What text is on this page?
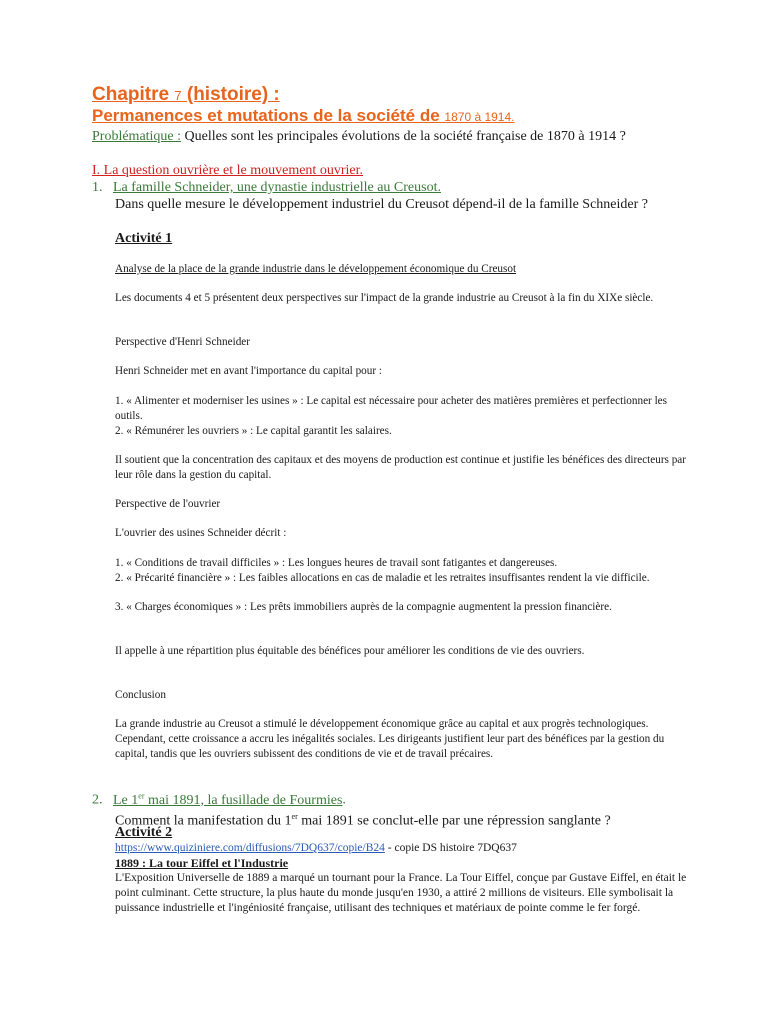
Chapitre 7 (histoire) :
Permanences et mutations de la société de 1870 à 1914.
Problématique : Quelles sont les principales évolutions de la société française de 1870 à 1914 ?
I. La question ouvrière et le mouvement ouvrier.
1. La famille Schneider, une dynastie industrielle au Creusot.
Dans quelle mesure le développement industriel du Creusot dépend-il de la famille Schneider ?
Activité 1
Analyse de la place de la grande industrie dans le développement économique du Creusot
Les documents 4 et 5 présentent deux perspectives sur l'impact de la grande industrie au Creusot à la fin du XIXe siècle.
Perspective d'Henri Schneider
Henri Schneider met en avant l'importance du capital pour :
1. « Alimenter et moderniser les usines » : Le capital est nécessaire pour acheter des matières premières et perfectionner les outils.
2. « Rémunérer les ouvriers » : Le capital garantit les salaires.
Il soutient que la concentration des capitaux et des moyens de production est continue et justifie les bénéfices des directeurs par leur rôle dans la gestion du capital.
Perspective de l'ouvrier
L'ouvrier des usines Schneider décrit :
1. « Conditions de travail difficiles » : Les longues heures de travail sont fatigantes et dangereuses.
2. « Précarité financière » : Les faibles allocations en cas de maladie et les retraites insuffisantes rendent la vie difficile.
3. « Charges économiques » : Les prêts immobiliers auprès de la compagnie augmentent la pression financière.
Il appelle à une répartition plus équitable des bénéfices pour améliorer les conditions de vie des ouvriers.
Conclusion
La grande industrie au Creusot a stimulé le développement économique grâce au capital et aux progrès technologiques. Cependant, cette croissance a accru les inégalités sociales. Les dirigeants justifient leur part des bénéfices par la gestion du capital, tandis que les ouvriers subissent des conditions de vie et de travail précaires.
2. Le 1er mai 1891, la fusillade de Fourmies.
Comment la manifestation du 1er mai 1891 se conclut-elle par une répression sanglante ?
Activité 2
https://www.quiziniere.com/diffusions/7DQ637/copie/B24 - copie DS histoire 7DQ637
1889 : La tour Eiffel et l'Industrie
L'Exposition Universelle de 1889 a marqué un tournant pour la France. La Tour Eiffel, conçue par Gustave Eiffel, en était le point culminant. Cette structure, la plus haute du monde jusqu'en 1930, a attiré 2 millions de visiteurs. Elle symbolisait la puissance industrielle et l'ingéniosité française, utilisant des techniques et matériaux de pointe comme le fer forgé.
